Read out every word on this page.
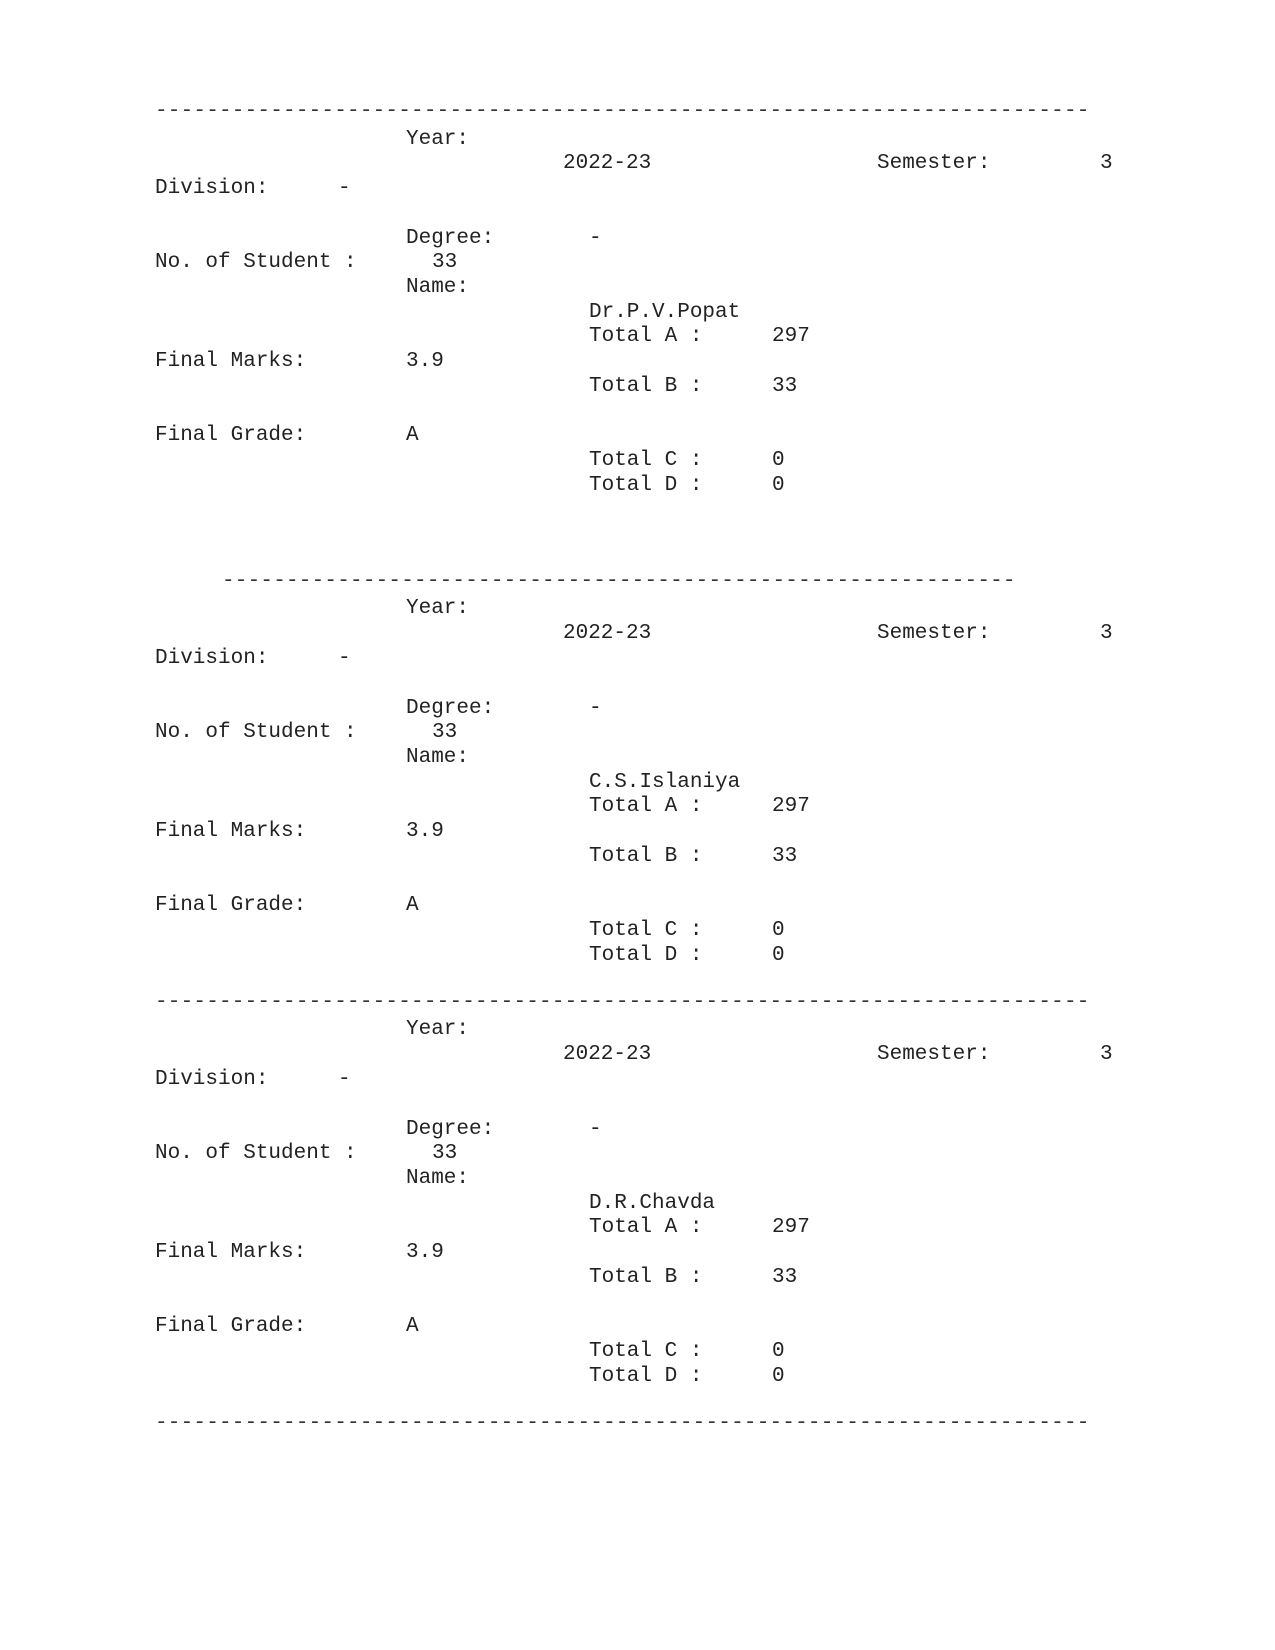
-------------------------------------------------------------------------
--------------------------------------------------------------
-------------------------------------------------------------------------
-------------------------------------------------------------------------
Year:
2022-23	Semester:	3
Division:	-
Degree:	-
No. of Student :	33
Name:
Dr.P.V.Popat
Total A :	297
Final Marks:	3.9
Total B :	33
Final Grade:	A
Total C :	0
Total D :	0
Year:
2022-23	Semester:	3
Division:	-
Degree:	-
No. of Student :	33
Name:
C.S.Islaniya
Total A :	297
Final Marks:	3.9
Total B :	33
Final Grade:	A
Total C :	0
Total D :	0
Year:
2022-23	Semester:	3
Division:	-
Degree:	-
No. of Student :	33
Name:
D.R.Chavda
Total A :	297
Final Marks:	3.9
Total B :	33
Final Grade:	A
Total C :	0
Total D :	0
